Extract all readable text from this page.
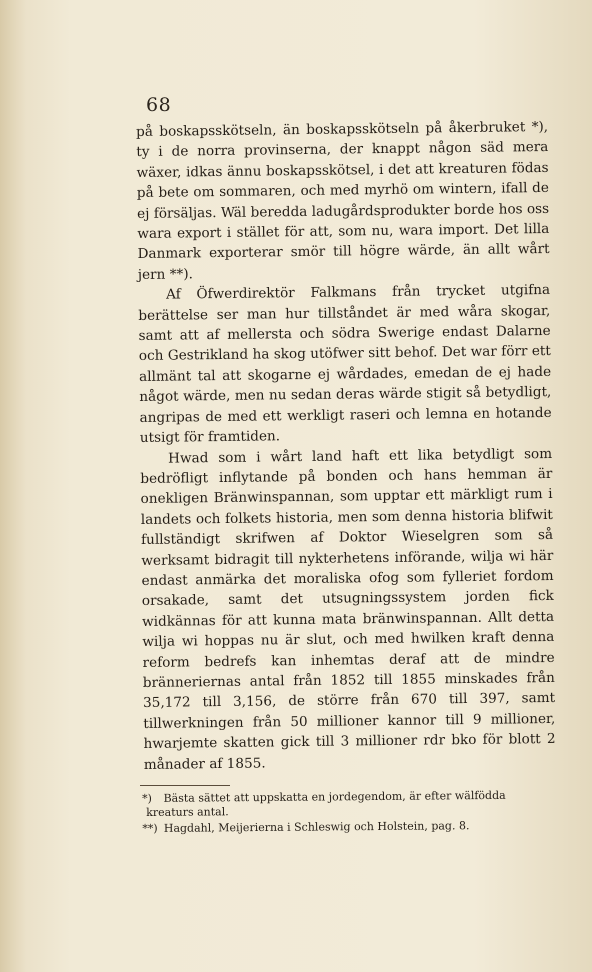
68

på boskapsskötseln, än boskapsskötseln på åkerbruket *), ty i de norra provinserna, der knappt någon säd mera wäxer, idkas ännu boskapsskötsel, i det att kreaturen födas på bete om sommaren, och med myrhö om wintern, ifall de ej försäljas. Wäl beredda ladugårdsprodukter borde hos oss wara export i stället för att, som nu, wara import. Det lilla Danmark exporterar smör till högre wärde, än allt wårt jern **).

Af Öfwerdirektör Falkmans från trycket utgifna berättelse ser man hur tillståndet är med wåra skogar, samt att af mellersta och södra Swerige endast Dalarne och Gestrikland ha skog utöfwer sitt behof. Det war förr ett allmänt tal att skogarne ej wårdades, emedan de ej hade något wärde, men nu sedan deras wärde stigit så betydligt, angripas de med ett werkligt raseri och lemna en hotande utsigt för framtiden.

Hwad som i wårt land haft ett lika betydligt som bedröfligt inflytande på bonden och hans hemman är onekligen Bränwinspannan, som upptar ett märkligt rum i landets och folkets historia, men som denna historia blifwit fullständigt skrifwen af Doktor Wieselgren som så werksamt bidragit till nykterhetens införande, wilja wi här endast anmärka det moraliska ofog som fylleriet fordom orsakade, samt det utsugningssystem jorden fick widkännas för att kunna mata bränwinspannan. Allt detta wilja wi hoppas nu är slut, och med hwilken kraft denna reform bedrefs kan inhemtas deraf att de mindre bränneriernas antal från 1852 till 1855 minskades från 35,172 till 3,156, de större från 670 till 397, samt tillwerkningen från 50 millioner kannor till 9 millioner, hwarjemte skatten gick till 3 millioner rdr bko för blott 2 månader af 1855.

*) Bästa sättet att uppskatta en jordegendom, är efter wälfödda kreaturs antal.

**) Hagdahl, Meijerierna i Schleswig och Holstein, pag. 8.
